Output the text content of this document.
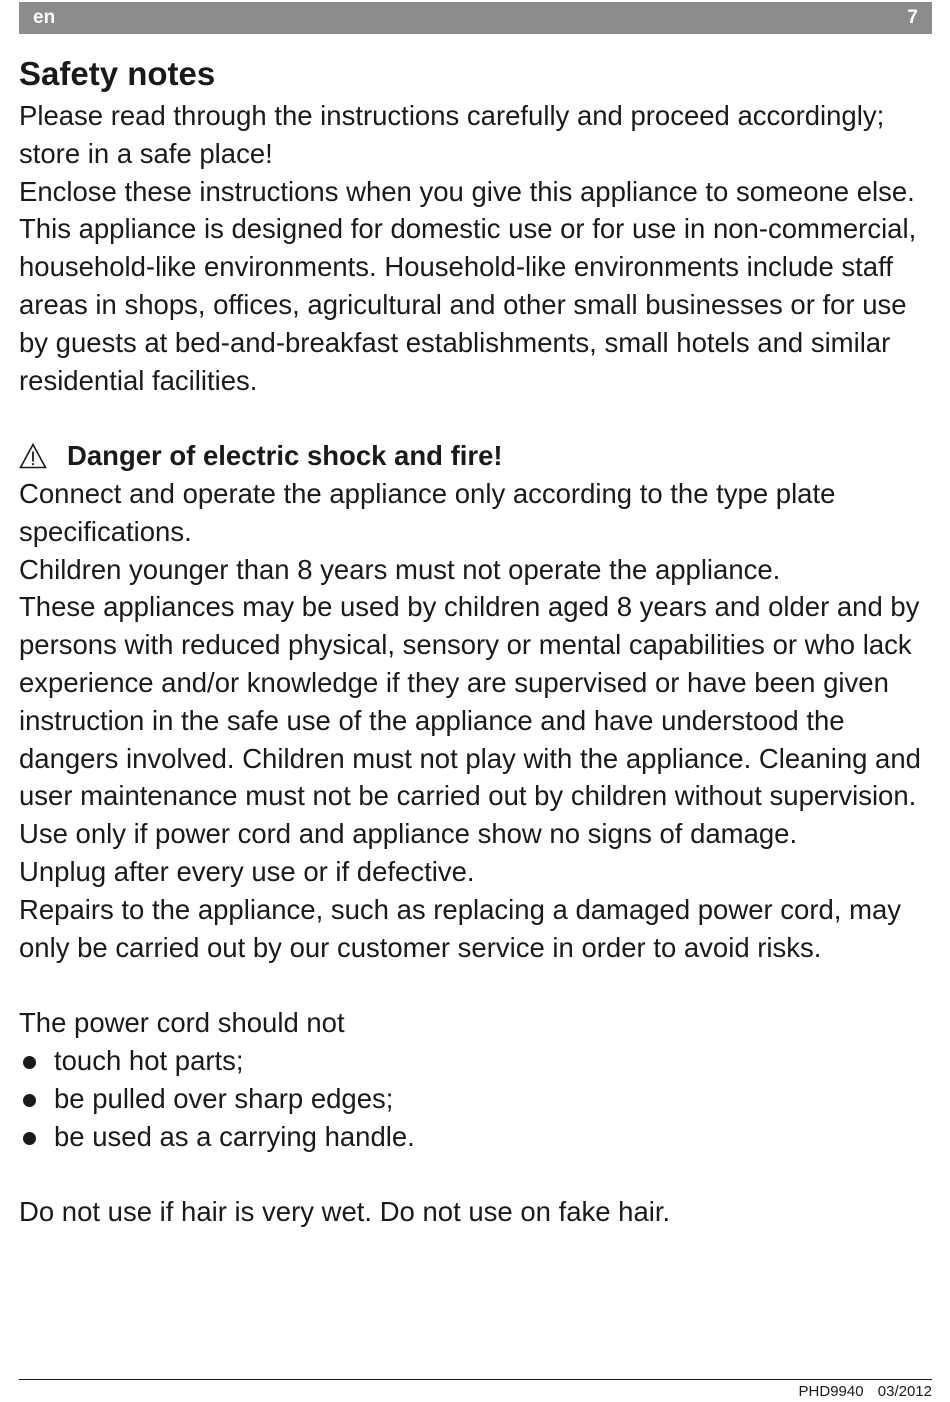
en	7
Safety notes

Please read through the instructions carefully and proceed accordingly; store in a safe place!

Enclose these instructions when you give this appliance to someone else.

This appliance is designed for domestic use or for use in non-commercial, household-like environments. Household-like environments include staff areas in shops, offices, agricultural and other small businesses or for use by guests at bed-and-breakfast establishments, small hotels and similar residential facilities.

Danger of electric shock and fire!

Connect and operate the appliance only according to the type plate specifications.

Children younger than 8 years must not operate the appliance.

These appliances may be used by children aged 8 years and older and by persons with reduced physical, sensory or mental capabilities or who lack experience and/or knowledge if they are supervised or have been given instruction in the safe use of the appliance and have understood the dangers involved. Children must not play with the appliance. Cleaning and user maintenance must not be carried out by children without supervision.

Use only if power cord and appliance show no signs of damage.

Unplug after every use or if defective.

Repairs to the appliance, such as replacing a damaged power cord, may only be carried out by our customer service in order to avoid risks.

The power cord should not

touch hot parts;
be pulled over sharp edges;
be used as a carrying handle.

Do not use if hair is very wet. Do not use on fake hair.

PHD9940 03/2012
